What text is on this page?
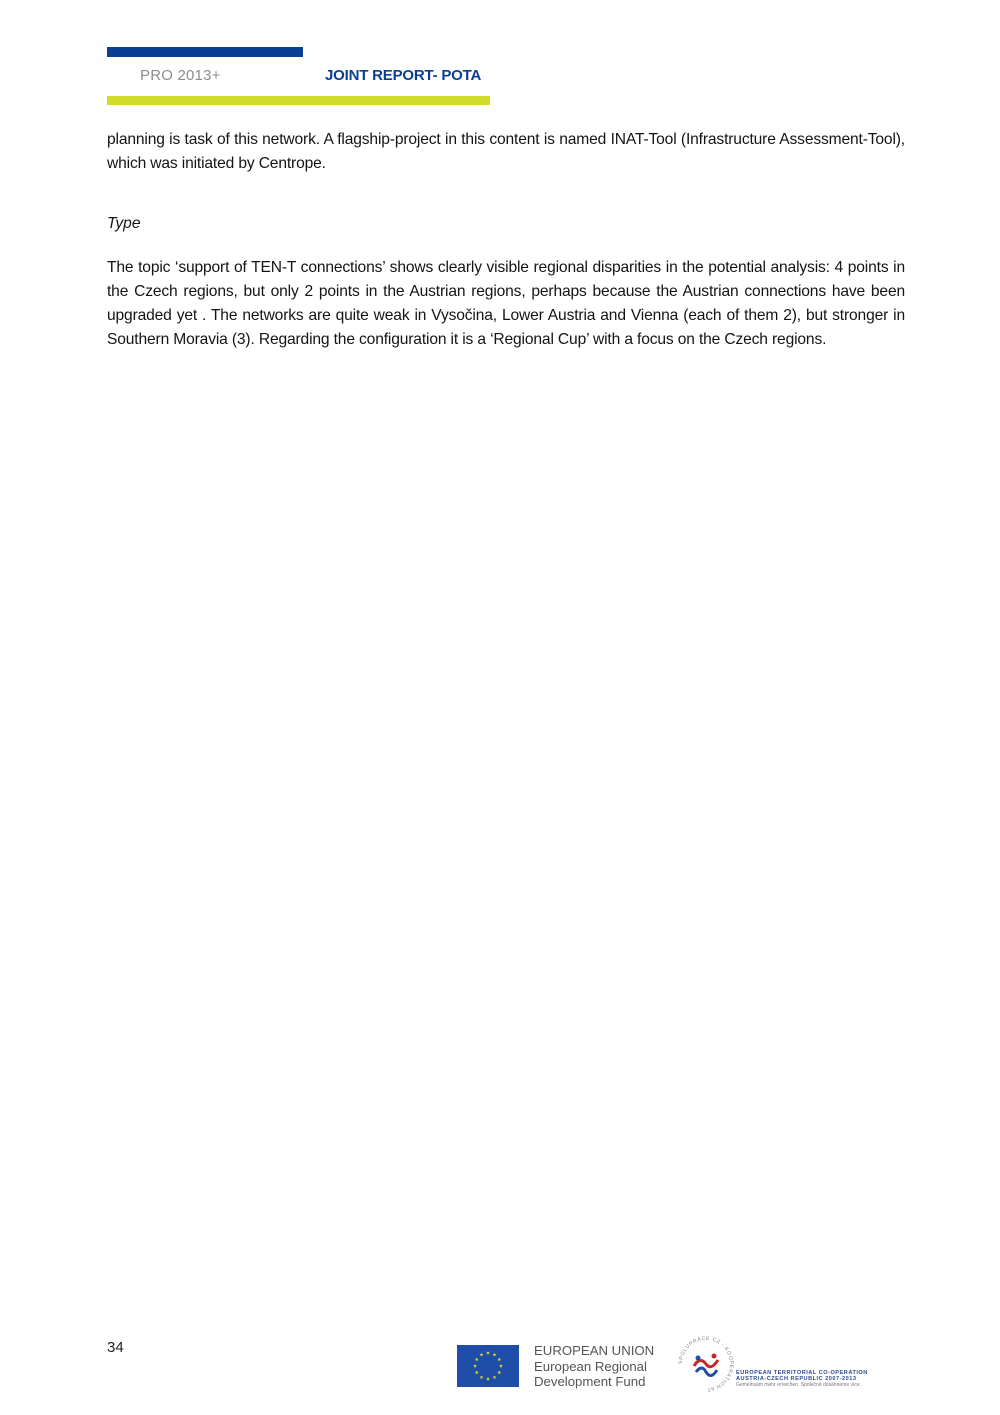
PRO 2013+	JOINT REPORT- POTA

planning is task of this network. A flagship-project in this content is named INAT-Tool (Infrastructure Assessment-Tool), which was initiated by Centrope.

Type

The topic ‘support of TEN-T connections’ shows clearly visible regional disparities in the potential analysis: 4 points in the Czech regions, but only 2 points in the Austrian regions, perhaps because the Austrian connections have been upgraded yet . The networks are quite weak in Vysočina, Lower Austria and Vienna (each of them 2), but stronger in Southern Moravia (3). Regarding the configuration it is a ‘Regional Cup’ with a focus on the Czech regions.

34	EUROPEAN UNION
European Regional
Development Fund
SPOLUPRÁCE CZ - KOOPERATION AT
EUROPEAN TERRITORIAL CO-OPERATION
AUSTRIA-CZECH REPUBLIC 2007-2013
Gemeinsam mehr erreichen. Společně dosáhneme více.
